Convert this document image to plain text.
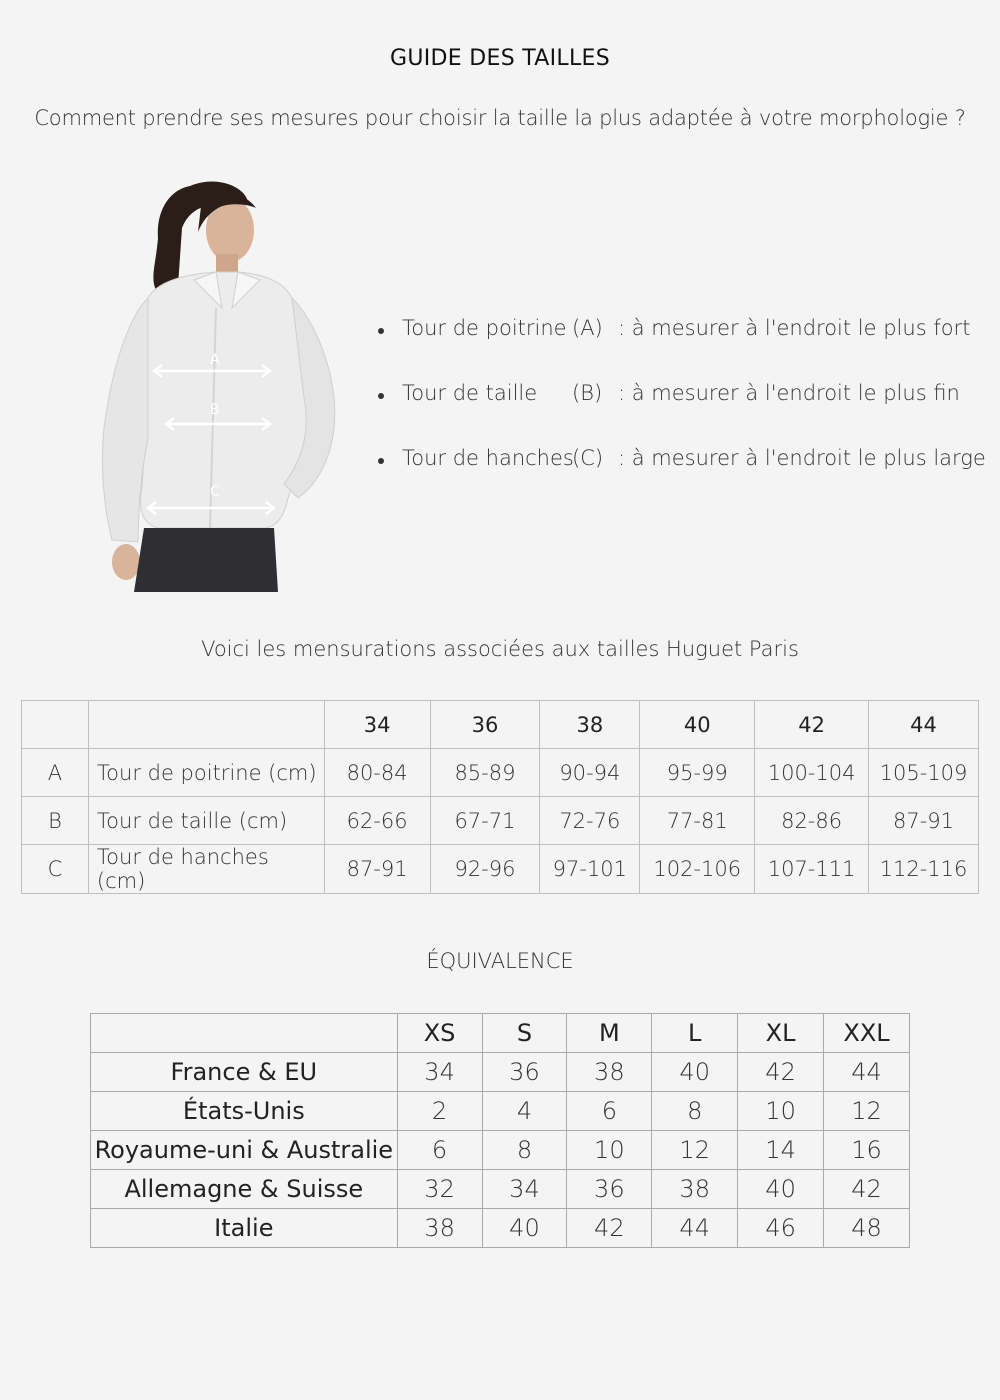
GUIDE DES TAILLES
Comment prendre ses mesures pour choisir la taille la plus adaptée à votre morphologie ?
A
B
C
Tour de poitrine (A) : à mesurer à l'endroit le plus fort
Tour de taille (B) : à mesurer à l'endroit le plus fin
Tour de hanches
(C) : à mesurer à l'endroit le plus large
Voici les mensurations associées aux tailles Huguet Paris
		34	36	38	40	42	44
A	Tour de poitrine (cm)	80-84	85-89	90-94	95-99	100-104	105-109
B	Tour de taille (cm)	62-66	67-71	72-76	77-81	82-86	87-91
C	Tour de hanches (cm)	87-91	92-96	97-101	102-106	107-111	112-116
ÉQUIVALENCE
	XS	S	M	L	XL	XXL
France & EU	34	36	38	40	42	44
États-Unis	2	4	6	8	10	12
Royaume-uni & Australie	6	8	10	12	14	16
Allemagne & Suisse	32	34	36	38	40	42
Italie	38	40	42	44	46	48
